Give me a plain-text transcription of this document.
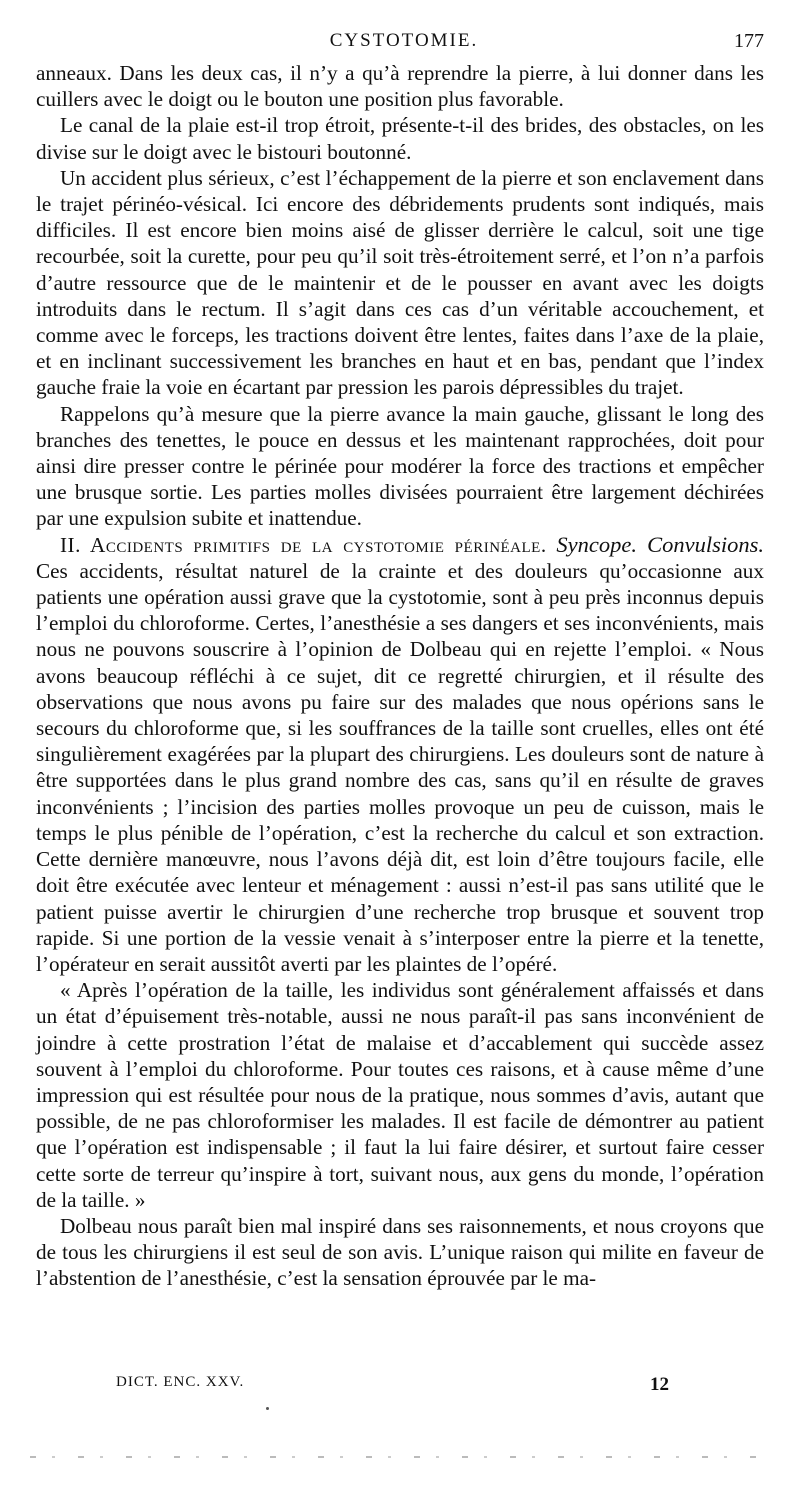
CYSTOTOMIE.	177

anneaux. Dans les deux cas, il n’y a qu’à reprendre la pierre, à lui donner dans les cuillers avec le doigt ou le bouton une position plus favorable.

Le canal de la plaie est-il trop étroit, présente-t-il des brides, des obstacles, on les divise sur le doigt avec le bistouri boutonné.

Un accident plus sérieux, c’est l’échappement de la pierre et son enclavement dans le trajet périnéo-vésical. Ici encore des débridements prudents sont indiqués, mais difficiles. Il est encore bien moins aisé de glisser derrière le calcul, soit une tige recourbée, soit la curette, pour peu qu’il soit très-étroitement serré, et l’on n’a parfois d’autre ressource que de le maintenir et de le pousser en avant avec les doigts introduits dans le rectum. Il s’agit dans ces cas d’un véritable accouchement, et comme avec le forceps, les tractions doivent être lentes, faites dans l’axe de la plaie, et en inclinant successivement les branches en haut et en bas, pendant que l’index gauche fraie la voie en écartant par pression les parois dépressibles du trajet.

Rappelons qu’à mesure que la pierre avance la main gauche, glissant le long des branches des tenettes, le pouce en dessus et les maintenant rapprochées, doit pour ainsi dire presser contre le périnée pour modérer la force des tractions et empêcher une brusque sortie. Les parties molles divisées pourraient être largement déchirées par une expulsion subite et inattendue.

II. Accidents primitifs de la cystotomie périnéale. Syncope. Convulsions. Ces accidents, résultat naturel de la crainte et des douleurs qu’occasionne aux patients une opération aussi grave que la cystotomie, sont à peu près inconnus depuis l’emploi du chloroforme. Certes, l’anesthésie a ses dangers et ses inconvénients, mais nous ne pouvons souscrire à l’opinion de Dolbeau qui en rejette l’emploi. « Nous avons beaucoup réfléchi à ce sujet, dit ce regretté chirurgien, et il résulte des observations que nous avons pu faire sur des malades que nous opérions sans le secours du chloroforme que, si les souffrances de la taille sont cruelles, elles ont été singulièrement exagérées par la plupart des chirurgiens. Les douleurs sont de nature à être supportées dans le plus grand nombre des cas, sans qu’il en résulte de graves inconvénients ; l’incision des parties molles provoque un peu de cuisson, mais le temps le plus pénible de l’opération, c’est la recherche du calcul et son extraction. Cette dernière manœuvre, nous l’avons déjà dit, est loin d’être toujours facile, elle doit être exécutée avec lenteur et ménagement : aussi n’est-il pas sans utilité que le patient puisse avertir le chirurgien d’une recherche trop brusque et souvent trop rapide. Si une portion de la vessie venait à s’interposer entre la pierre et la tenette, l’opérateur en serait aussitôt averti par les plaintes de l’opéré.

« Après l’opération de la taille, les individus sont généralement affaissés et dans un état d’épuisement très-notable, aussi ne nous paraît-il pas sans inconvénient de joindre à cette prostration l’état de malaise et d’accablement qui succède assez souvent à l’emploi du chloroforme. Pour toutes ces raisons, et à cause même d’une impression qui est résultée pour nous de la pratique, nous sommes d’avis, autant que possible, de ne pas chloroformiser les malades. Il est facile de démontrer au patient que l’opération est indispensable ; il faut la lui faire désirer, et surtout faire cesser cette sorte de terreur qu’inspire à tort, suivant nous, aux gens du monde, l’opération de la taille. »

Dolbeau nous paraît bien mal inspiré dans ses raisonnements, et nous croyons que de tous les chirurgiens il est seul de son avis. L’unique raison qui milite en faveur de l’abstention de l’anesthésie, c’est la sensation éprouvée par le ma-

DICT. ENC. XXV.	12
